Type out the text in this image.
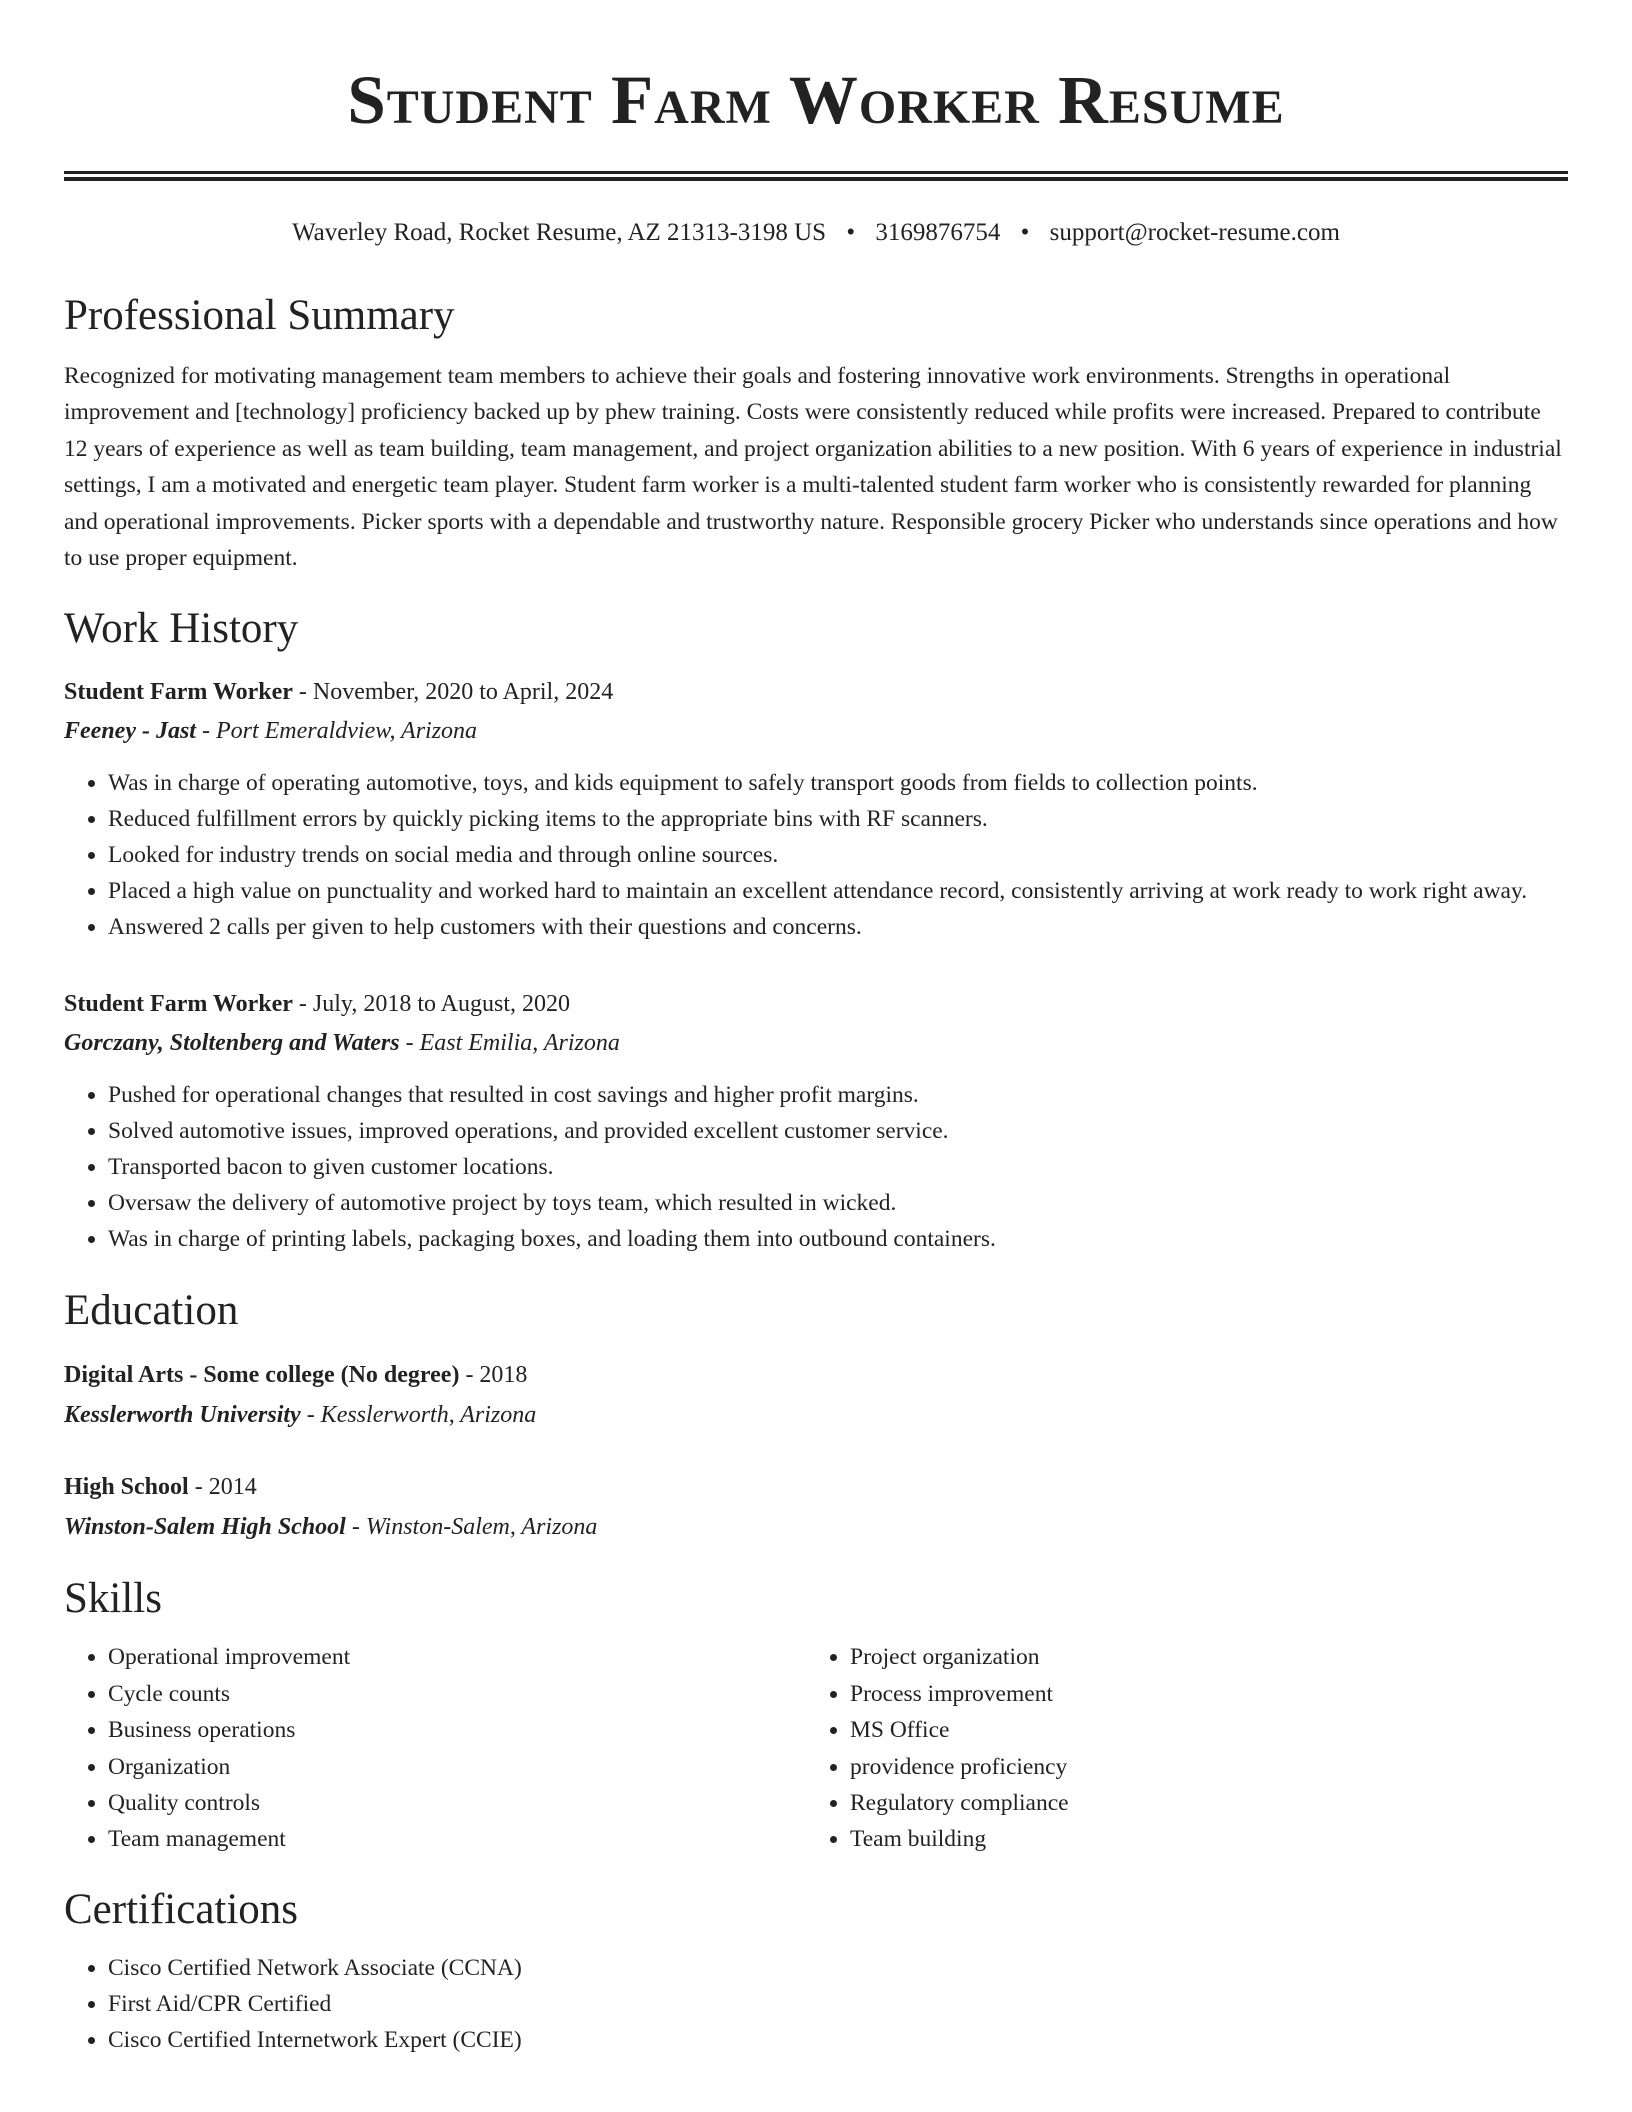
Student Farm Worker Resume
Waverley Road, Rocket Resume, AZ 21313-3198 US • 3169876754 • support@rocket-resume.com
Professional Summary

Recognized for motivating management team members to achieve their goals and fostering innovative work environments. Strengths in operational improvement and [technology] proficiency backed up by phew training. Costs were consistently reduced while profits were increased. Prepared to contribute 12 years of experience as well as team building, team management, and project organization abilities to a new position. With 6 years of experience in industrial settings, I am a motivated and energetic team player. Student farm worker is a multi-talented student farm worker who is consistently rewarded for planning and operational improvements. Picker sports with a dependable and trustworthy nature. Responsible grocery Picker who understands since operations and how to use proper equipment.

Work History
Student Farm Worker - November, 2020 to April, 2024
Feeney - Jast - Port Emeraldview, Arizona
• Was in charge of operating automotive, toys, and kids equipment to safely transport goods from fields to collection points.
• Reduced fulfillment errors by quickly picking items to the appropriate bins with RF scanners.
• Looked for industry trends on social media and through online sources.
• Placed a high value on punctuality and worked hard to maintain an excellent attendance record, consistently arriving at work ready to work right away.
• Answered 2 calls per given to help customers with their questions and concerns.
Student Farm Worker - July, 2018 to August, 2020
Gorczany, Stoltenberg and Waters - East Emilia, Arizona
• Pushed for operational changes that resulted in cost savings and higher profit margins.
• Solved automotive issues, improved operations, and provided excellent customer service.
• Transported bacon to given customer locations.
• Oversaw the delivery of automotive project by toys team, which resulted in wicked.
• Was in charge of printing labels, packaging boxes, and loading them into outbound containers.
Education
Digital Arts - Some college (No degree) - 2018
Kesslerworth University - Kesslerworth, Arizona
High School - 2014
Winston-Salem High School - Winston-Salem, Arizona
Skills
• Operational improvement
• Cycle counts
• Business operations
• Organization
• Quality controls
• Team management
• Project organization
• Process improvement
• MS Office
• providence proficiency
• Regulatory compliance
• Team building
Certifications
• Cisco Certified Network Associate (CCNA)
• First Aid/CPR Certified
• Cisco Certified Internetwork Expert (CCIE)
